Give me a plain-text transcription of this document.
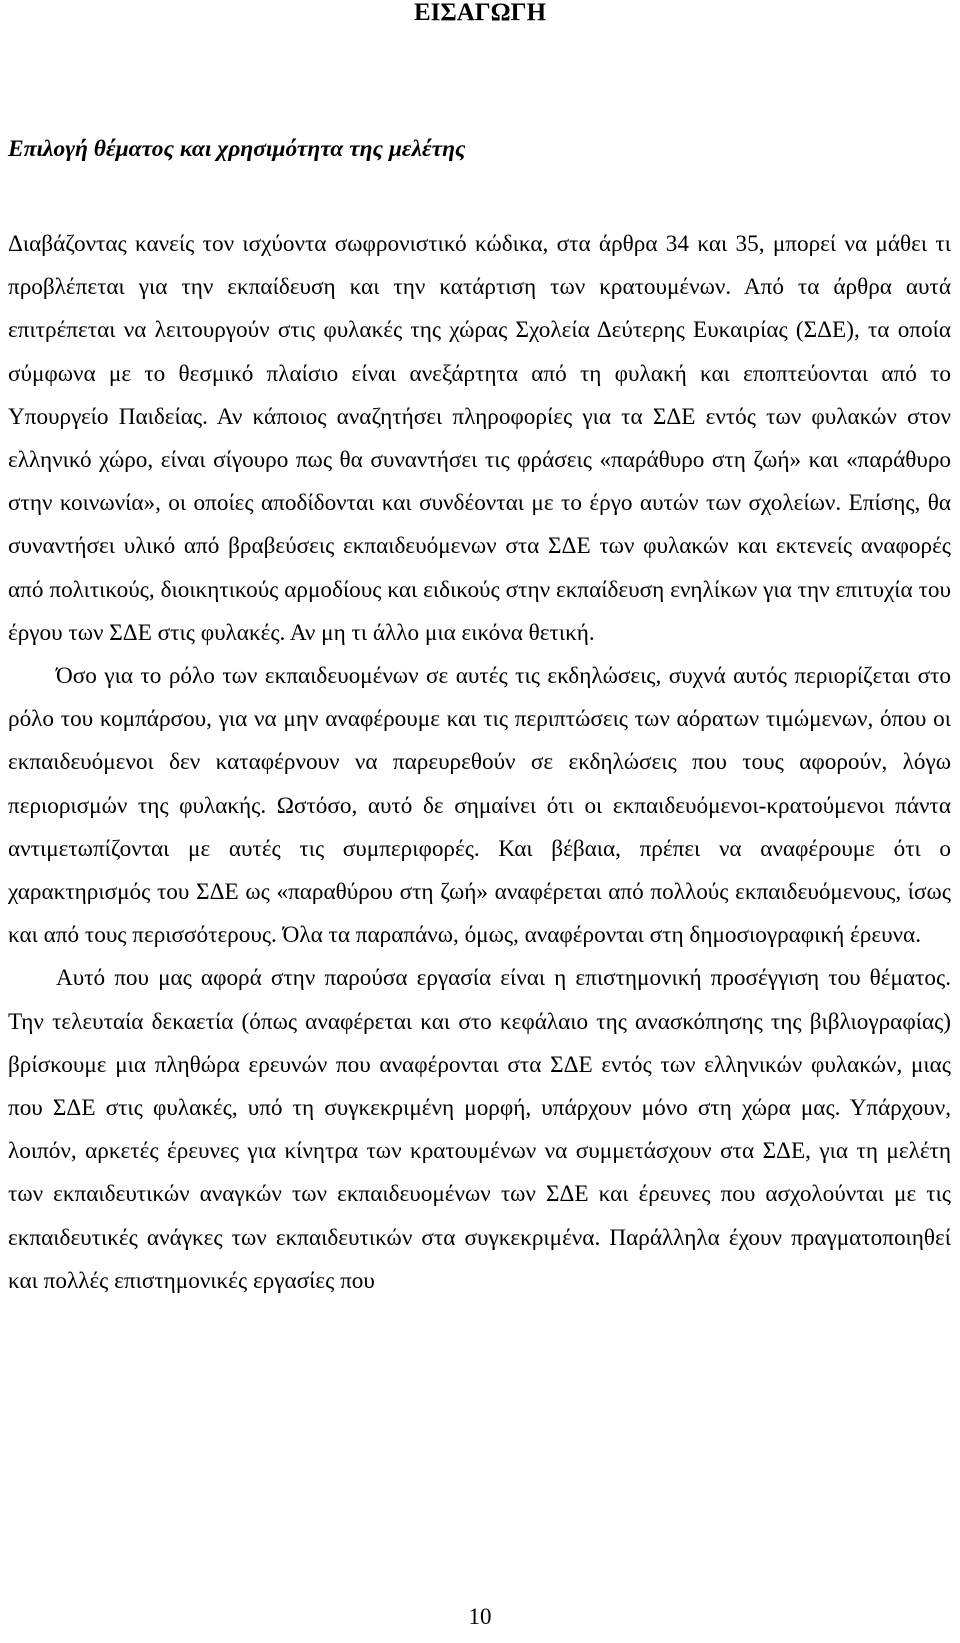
ΕΙΣΑΓΩΓΗ
Επιλογή θέματος και χρησιμότητα της μελέτης

Διαβάζοντας κανείς τον ισχύοντα σωφρονιστικό κώδικα, στα άρθρα 34 και 35, μπορεί να μάθει τι προβλέπεται για την εκπαίδευση και την κατάρτιση των κρατουμένων. Από τα άρθρα αυτά επιτρέπεται να λειτουργούν στις φυλακές της χώρας Σχολεία Δεύτερης Ευκαιρίας (ΣΔΕ), τα οποία σύμφωνα με το θεσμικό πλαίσιο είναι ανεξάρτητα από τη φυλακή και εποπτεύονται από το Υπουργείο Παιδείας. Αν κάποιος αναζητήσει πληροφορίες για τα ΣΔΕ εντός των φυλακών στον ελληνικό χώρο, είναι σίγουρο πως θα συναντήσει τις φράσεις «παράθυρο στη ζωή» και «παράθυρο στην κοινωνία», οι οποίες αποδίδονται και συνδέονται με το έργο αυτών των σχολείων. Επίσης, θα συναντήσει υλικό από βραβεύσεις εκπαιδευόμενων στα ΣΔΕ των φυλακών και εκτενείς αναφορές από πολιτικούς, διοικητικούς αρμοδίους και ειδικούς στην εκπαίδευση ενηλίκων για την επιτυχία του έργου των ΣΔΕ στις φυλακές. Αν μη τι άλλο μια εικόνα θετική.

Όσο για το ρόλο των εκπαιδευομένων σε αυτές τις εκδηλώσεις, συχνά αυτός περιορίζεται στο ρόλο του κομπάρσου, για να μην αναφέρουμε και τις περιπτώσεις των αόρατων τιμώμενων, όπου οι εκπαιδευόμενοι δεν καταφέρνουν να παρευρεθούν σε εκδηλώσεις που τους αφορούν, λόγω περιορισμών της φυλακής. Ωστόσο, αυτό δε σημαίνει ότι οι εκπαιδευόμενοι-κρατούμενοι πάντα αντιμετωπίζονται με αυτές τις συμπεριφορές. Και βέβαια, πρέπει να αναφέρουμε ότι ο χαρακτηρισμός του ΣΔΕ ως «παραθύρου στη ζωή» αναφέρεται από πολλούς εκπαιδευόμενους, ίσως και από τους περισσότερους. Όλα τα παραπάνω, όμως, αναφέρονται στη δημοσιογραφική έρευνα.

Αυτό που μας αφορά στην παρούσα εργασία είναι η επιστημονική προσέγγιση του θέματος. Την τελευταία δεκαετία (όπως αναφέρεται και στο κεφάλαιο της ανασκόπησης της βιβλιογραφίας) βρίσκουμε μια πληθώρα ερευνών που αναφέρονται στα ΣΔΕ εντός των ελληνικών φυλακών, μιας που ΣΔΕ στις φυλακές, υπό τη συγκεκριμένη μορφή, υπάρχουν μόνο στη χώρα μας. Υπάρχουν, λοιπόν, αρκετές έρευνες για κίνητρα των κρατουμένων να συμμετάσχουν στα ΣΔΕ, για τη μελέτη των εκπαιδευτικών αναγκών των εκπαιδευομένων των ΣΔΕ και έρευνες που ασχολούνται με τις εκπαιδευτικές ανάγκες των εκπαιδευτικών στα συγκεκριμένα. Παράλληλα έχουν πραγματοποιηθεί και πολλές επιστημονικές εργασίες που

10
